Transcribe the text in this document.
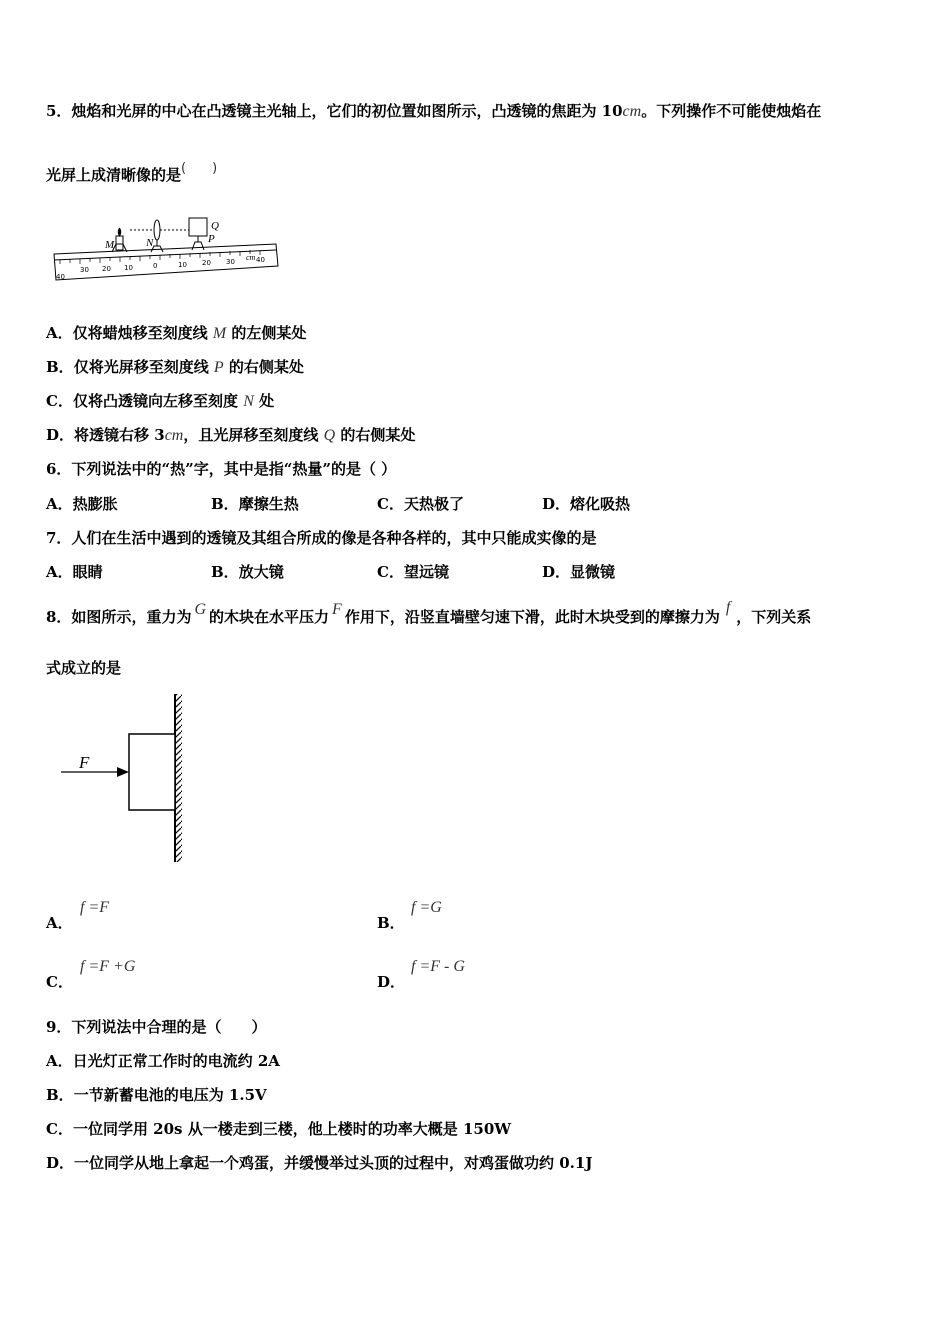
5．烛焰和光屏的中心在凸透镜主光轴上，它们的初位置如图所示，凸透镜的焦距为 10cm。下列操作不可能使烛焰在
光屏上成清晰像的是(　　)
M	N	P
Q
cm
30 20 10	0	10 20 30	40
40
A．仅将蜡烛移至刻度线 M 的左侧某处
B．仅将光屏移至刻度线 P 的右侧某处
C．仅将凸透镜向左移至刻度 N 处
D．将透镜右移 3cm，且光屏移至刻度线 Q 的右侧某处
6．下列说法中的“热”字，其中是指“热量”的是（ ）
A．热膨胀	B．摩擦生热	C．天热极了	D．熔化吸热
7．人们在生活中遇到的透镜及其组合所成的像是各种各样的，其中只能成实像的是
A．眼睛	B．放大镜	C．望远镜	D．显微镜
8．如图所示，重力为 G 的木块在水平压力 F 作用下，沿竖直墙壁匀速下滑，此时木块受到的摩擦力为f，下列关系
式成立的是
F
A．
f =F
B．
f =G
C．
f =F +G
D．
f =F - G
9．下列说法中合理的是（　　）
A．日光灯正常工作时的电流约 2A
B．一节新蓄电池的电压为 1.5V
C．一位同学用 20s 从一楼走到三楼，他上楼时的功率大概是 150W
D．一位同学从地上拿起一个鸡蛋，并缓慢举过头顶的过程中，对鸡蛋做功约 0.1J
